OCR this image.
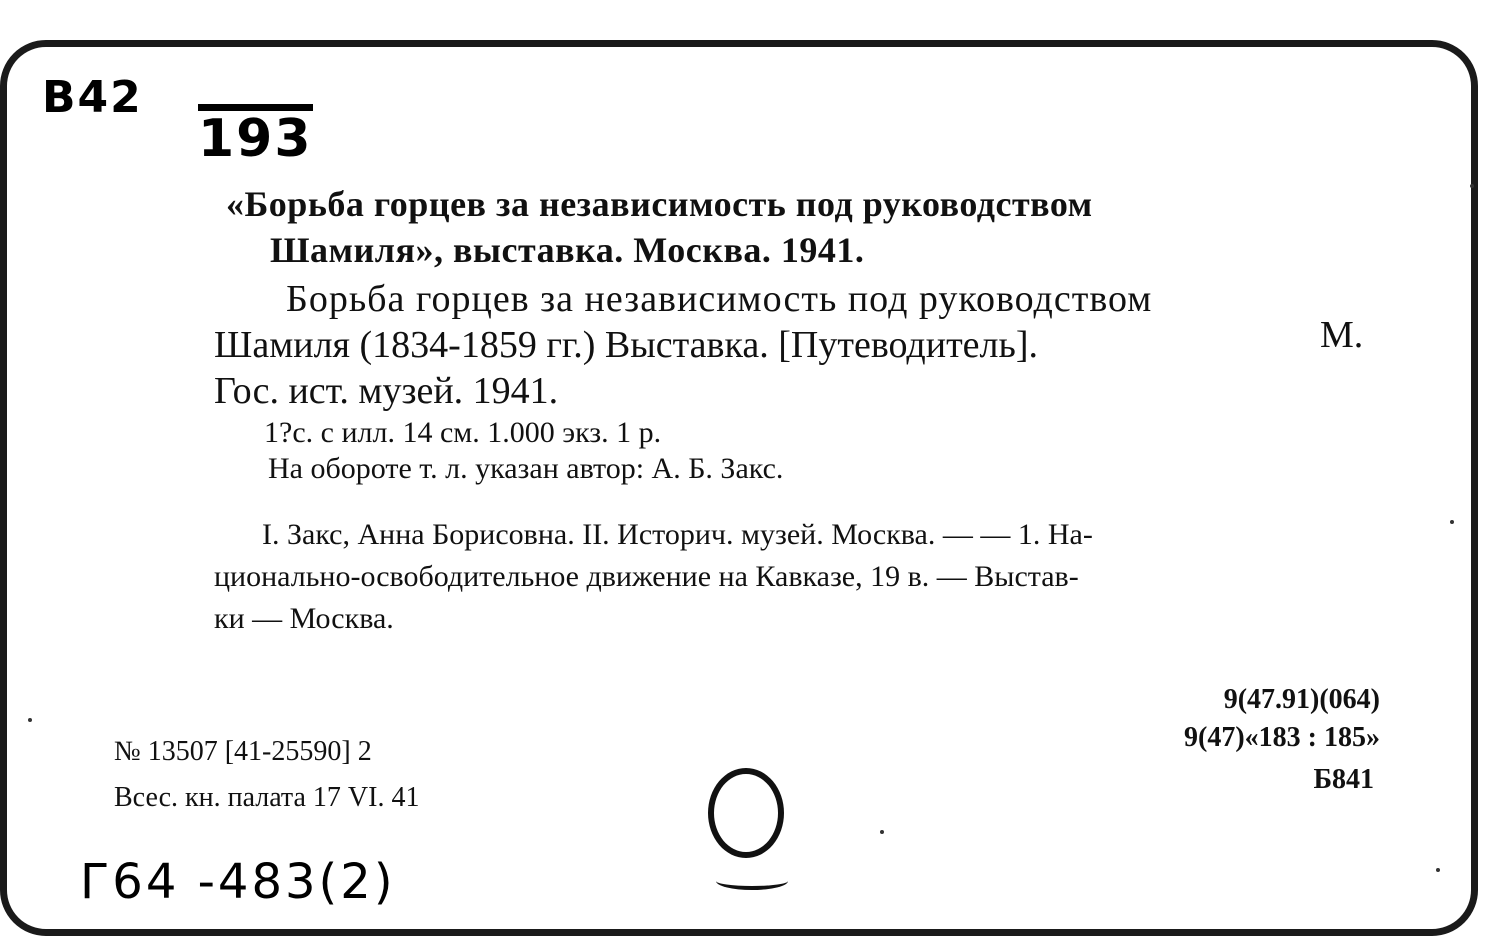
В42
193
«Борьба горцев за независимость под руководством
Шамиля», выставка. Москва. 1941.
Борьба горцев за независимость под руководством
Шамиля (1834-1859 гг.) Выставка. [Путеводитель].	М.
Гос. ист. музей. 1941.
1?с. с илл. 14 см. 1.000 экз. 1 р.
На обороте т. л. указан автор: А. Б. Закс.
I. Закс, Анна Борисовна. II. Историч. музей. Москва. — — 1. На-
ционально-освободительное движение на Кавказе, 19 в. — Выстав-
ки — Москва.
9(47.91)(064)
9(47)«183 : 185»
Б841
№ 13507 [41-25590] 2
Всес. кн. палата 17 VI. 41
Г64 -483(2)
